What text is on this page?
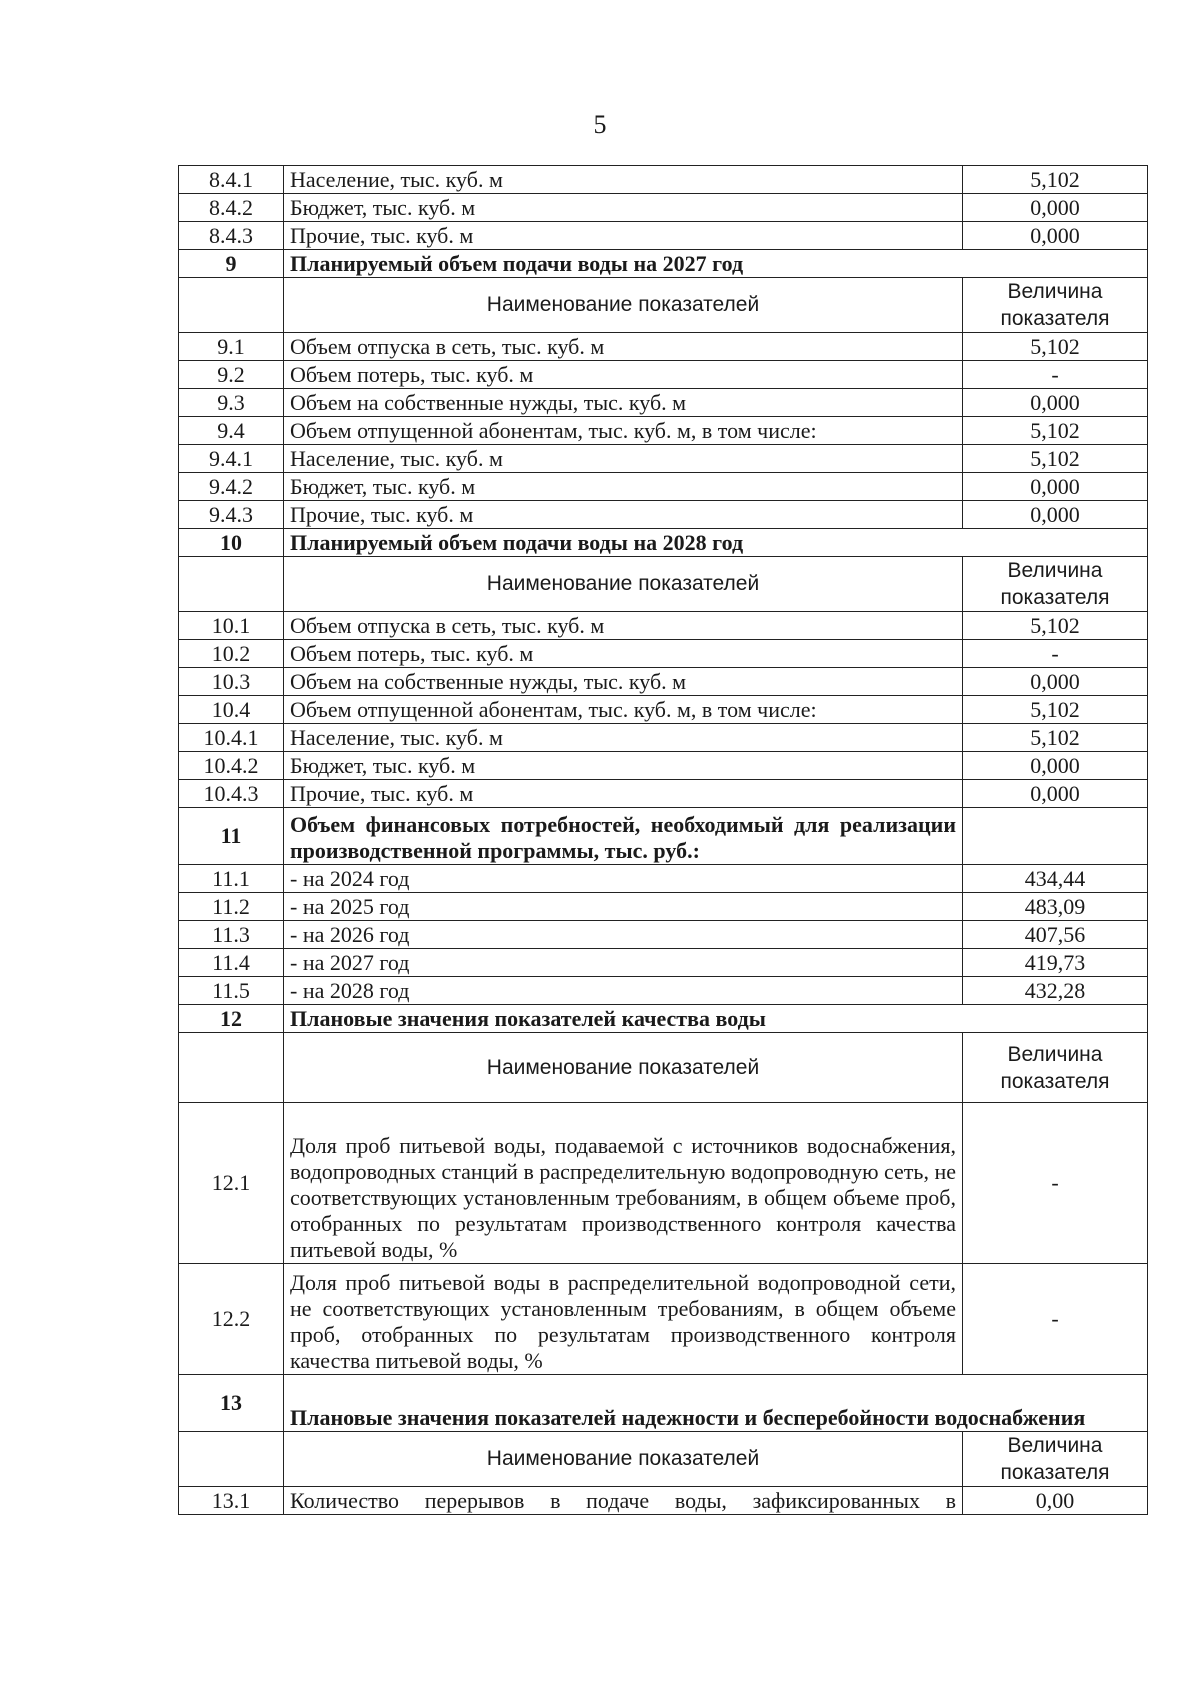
5
8.4.1	Население, тыс. куб. м	5,102
8.4.2	Бюджет, тыс. куб. м	0,000
8.4.3	Прочие, тыс. куб. м	0,000
9	Планируемый объем подачи воды на 2027 год	
	Наименование показателей	Величина показателя
9.1	Объем отпуска в сеть, тыс. куб. м	5,102
9.2	Объем потерь, тыс. куб. м	-
9.3	Объем на собственные нужды, тыс. куб. м	0,000
9.4	Объем отпущенной абонентам, тыс. куб. м, в том числе:	5,102
9.4.1	Население, тыс. куб. м	5,102
9.4.2	Бюджет, тыс. куб. м	0,000
9.4.3	Прочие, тыс. куб. м	0,000
10	Планируемый объем подачи воды на 2028 год	
	Наименование показателей	Величина показателя
10.1	Объем отпуска в сеть, тыс. куб. м	5,102
10.2	Объем потерь, тыс. куб. м	-
10.3	Объем на собственные нужды, тыс. куб. м	0,000
10.4	Объем отпущенной абонентам, тыс. куб. м, в том числе:	5,102
10.4.1	Население, тыс. куб. м	5,102
10.4.2	Бюджет, тыс. куб. м	0,000
10.4.3	Прочие, тыс. куб. м	0,000
11	Объем финансовых потребностей, необходимый для реализации производственной программы, тыс. руб.:	
11.1	- на 2024 год	434,44
11.2	- на 2025 год	483,09
11.3	- на 2026 год	407,56
11.4	- на 2027 год	419,73
11.5	- на 2028 год	432,28
12	Плановые значения показателей качества воды	
	Наименование показателей	Величина показателя
12.1	Доля проб питьевой воды, подаваемой с источников водоснабжения, водопроводных станций в распределительную водопроводную сеть, не соответствующих установленным требованиям, в общем объеме проб, отобранных по результатам производственного контроля качества питьевой воды, %	-
12.2	Доля проб питьевой воды в распределительной водопроводной сети, не соответствующих установленным требованиям, в общем объеме проб, отобранных по результатам производственного контроля качества питьевой воды, %	-
13	Плановые значения показателей надежности и бесперебойности водоснабжения	
	Наименование показателей	Величина показателя
13.1	Количество перерывов в подаче воды, зафиксированных в	0,00
